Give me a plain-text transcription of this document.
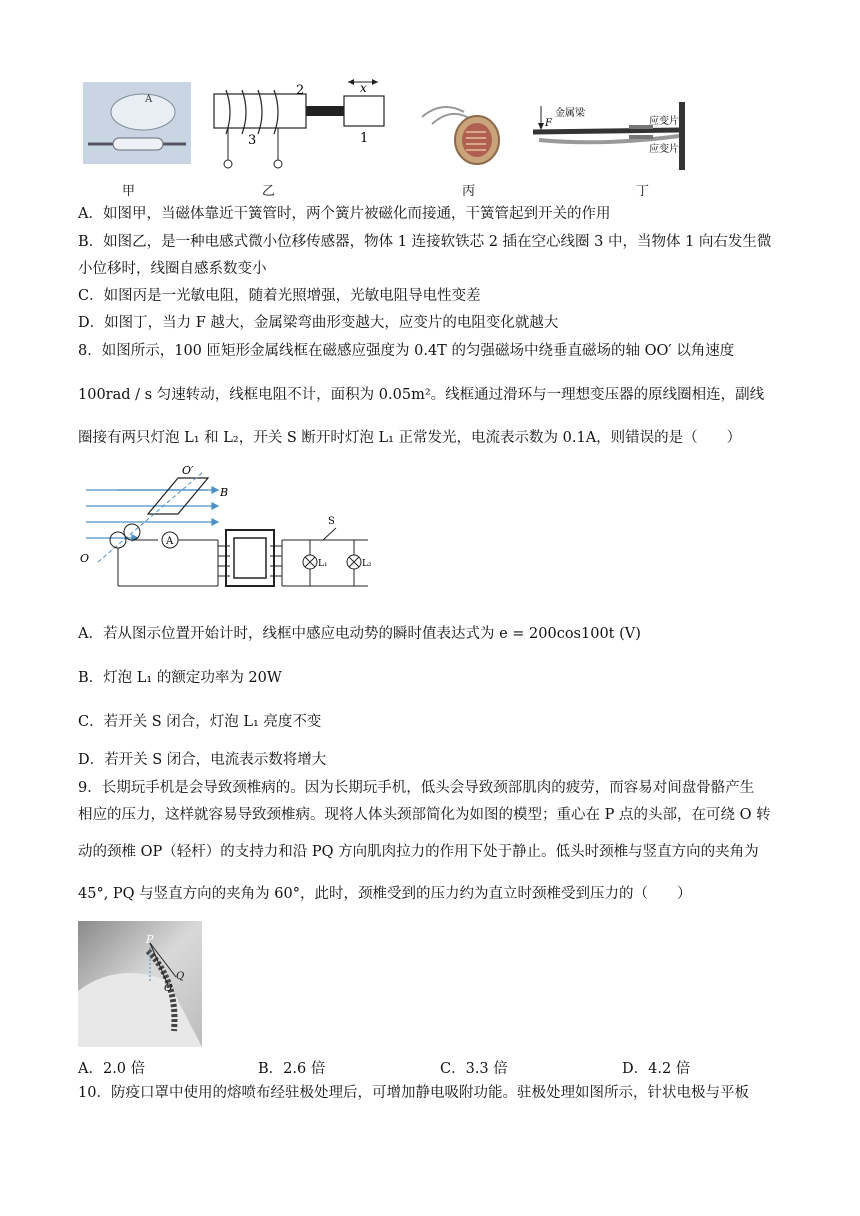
A
2	x
1
3
金属梁
F	应变片
应变片
甲	乙	丙	丁
A．如图甲，当磁体靠近干簧管时，两个簧片被磁化而接通，干簧管起到开关的作用
B．如图乙，是一种电感式微小位移传感器，物体 1 连接软铁芯 2 插在空心线圈 3 中，当物体 1 向右发生微
小位移时，线圈自感系数变小
C．如图丙是一光敏电阻，随着光照增强，光敏电阻导电性变差
D．如图丁，当力 F 越大，金属梁弯曲形变越大，应变片的电阻变化就越大
8．如图所示，100 匝矩形金属线框在磁感应强度为 0.4T 的匀强磁场中绕垂直磁场的轴 OO′ 以角速度
100rad / s 匀速转动，线框电阻不计，面积为 0.05m²。线框通过滑环与一理想变压器的原线圈相连，副线
圈接有两只灯泡 L₁ 和 L₂，开关 S 断开时灯泡 L₁ 正常发光，电流表示数为 0.1A，则错误的是（　　）
O′
B
A
S
L₁	L₂
O
A．若从图示位置开始计时，线框中感应电动势的瞬时值表达式为 e = 200cos100t (V)
B．灯泡 L₁ 的额定功率为 20W
C．若开关 S 闭合，灯泡 L₁ 亮度不变
D．若开关 S 闭合，电流表示数将增大
9．长期玩手机是会导致颈椎病的。因为长期玩手机，低头会导致颈部肌肉的疲劳，而容易对间盘骨骼产生
相应的压力，这样就容易导致颈椎病。现将人体头颈部简化为如图的模型；重心在 P 点的头部，在可绕 O 转
动的颈椎 OP（轻杆）的支持力和沿 PQ 方向肌肉拉力的作用下处于静止。低头时颈椎与竖直方向的夹角为
45°, PQ 与竖直方向的夹角为 60°，此时，颈椎受到的压力约为直立时颈椎受到压力的（　　）
P
Q
O
A．2.0 倍	B．2.6 倍	C．3.3 倍	D．4.2 倍
10．防疫口罩中使用的熔喷布经驻极处理后，可增加静电吸附功能。驻极处理如图所示，针状电极与平板
